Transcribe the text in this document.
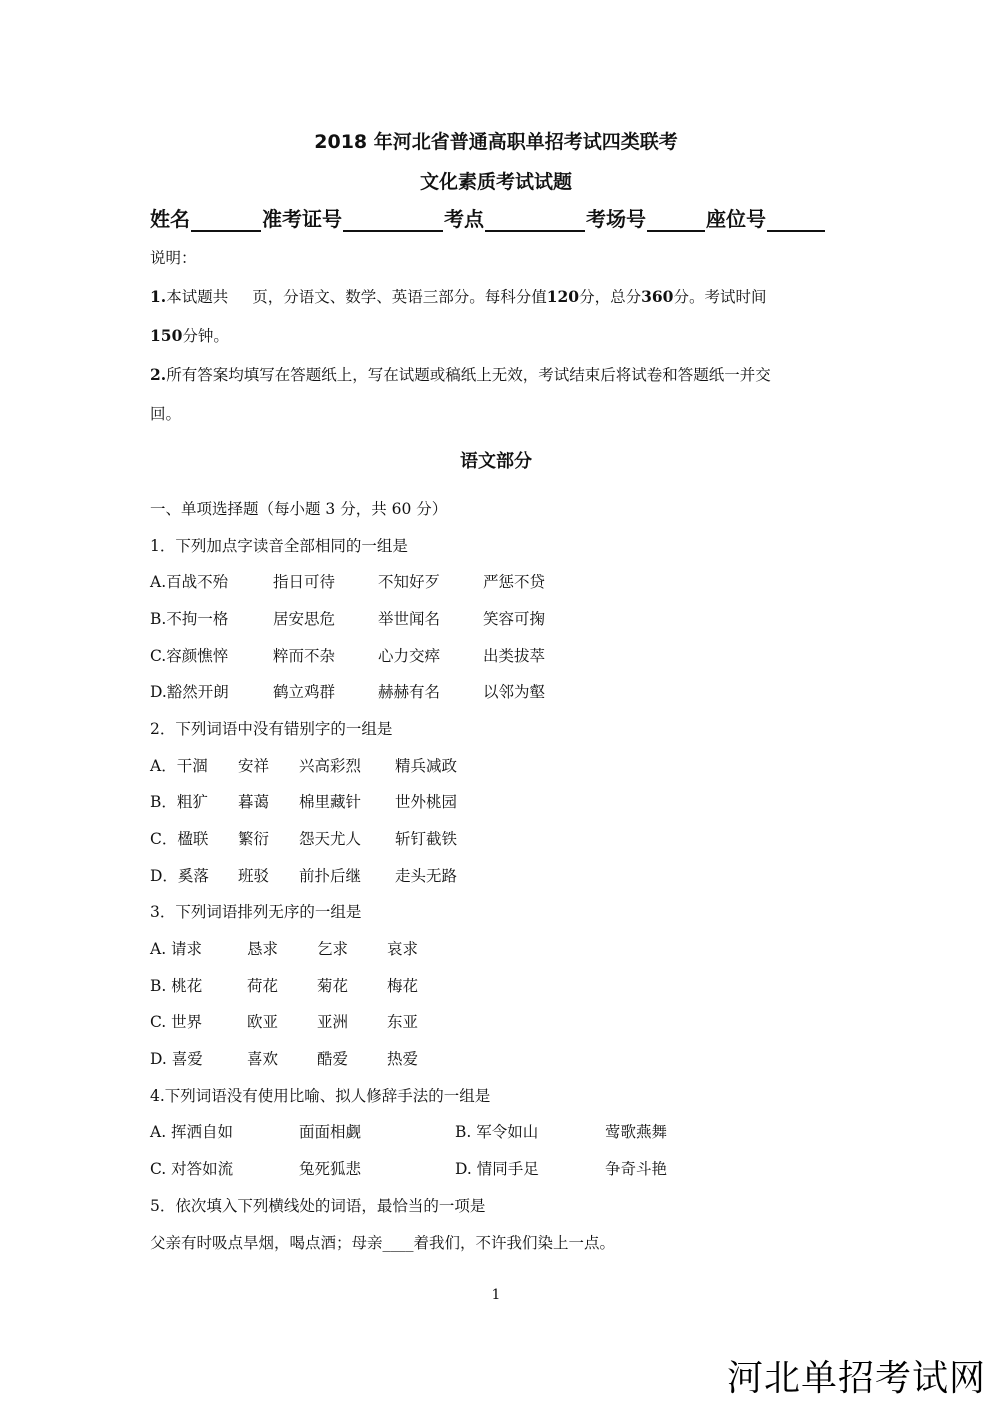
2018 年河北省普通高职单招考试四类联考
文化素质考试试题
姓名	准考证号	考点	考场号	座位号
说明：
1.本试题共 页，分语文、数学、英语三部分。每科分值120分，总分360分。考试时间
150分钟。
2.所有答案均填写在答题纸上，写在试题或稿纸上无效，考试结束后将试卷和答题纸一并交
回。
语文部分
一、单项选择题（每小题 3 分，共 60 分）
1．下列加点字读音全部相同的一组是
A.百战不殆	指日可待	不知好歹	严惩不贷
B.不拘一格	居安思危	举世闻名	笑容可掬
C.容颜憔悴	粹而不杂	心力交瘁	出类拔萃
D.豁然开朗	鹤立鸡群	赫赫有名	以邻为壑
2．下列词语中没有错别字的一组是
A．干涸 安祥 兴高彩烈 精兵减政
B．粗犷 暮蔼 棉里藏针 世外桃园
C．楹联 繁衍 怨天尤人 斩钉截铁
D．奚落 班驳 前扑后继 走头无路
3．下列词语排列无序的一组是
A. 请求	恳求	乞求	哀求
B. 桃花	荷花	菊花	梅花
C. 世界	欧亚	亚洲	东亚
D. 喜爱	喜欢	酷爱	热爱
4.下列词语没有使用比喻、拟人修辞手法的一组是
A. 挥洒自如	面面相觑	B. 军令如山	莺歌燕舞
C. 对答如流	兔死狐悲	D. 情同手足	争奇斗艳
5．依次填入下列横线处的词语，最恰当的一项是
父亲有时吸点旱烟，喝点酒；母亲____着我们，不许我们染上一点。
1
河北单招考试网
